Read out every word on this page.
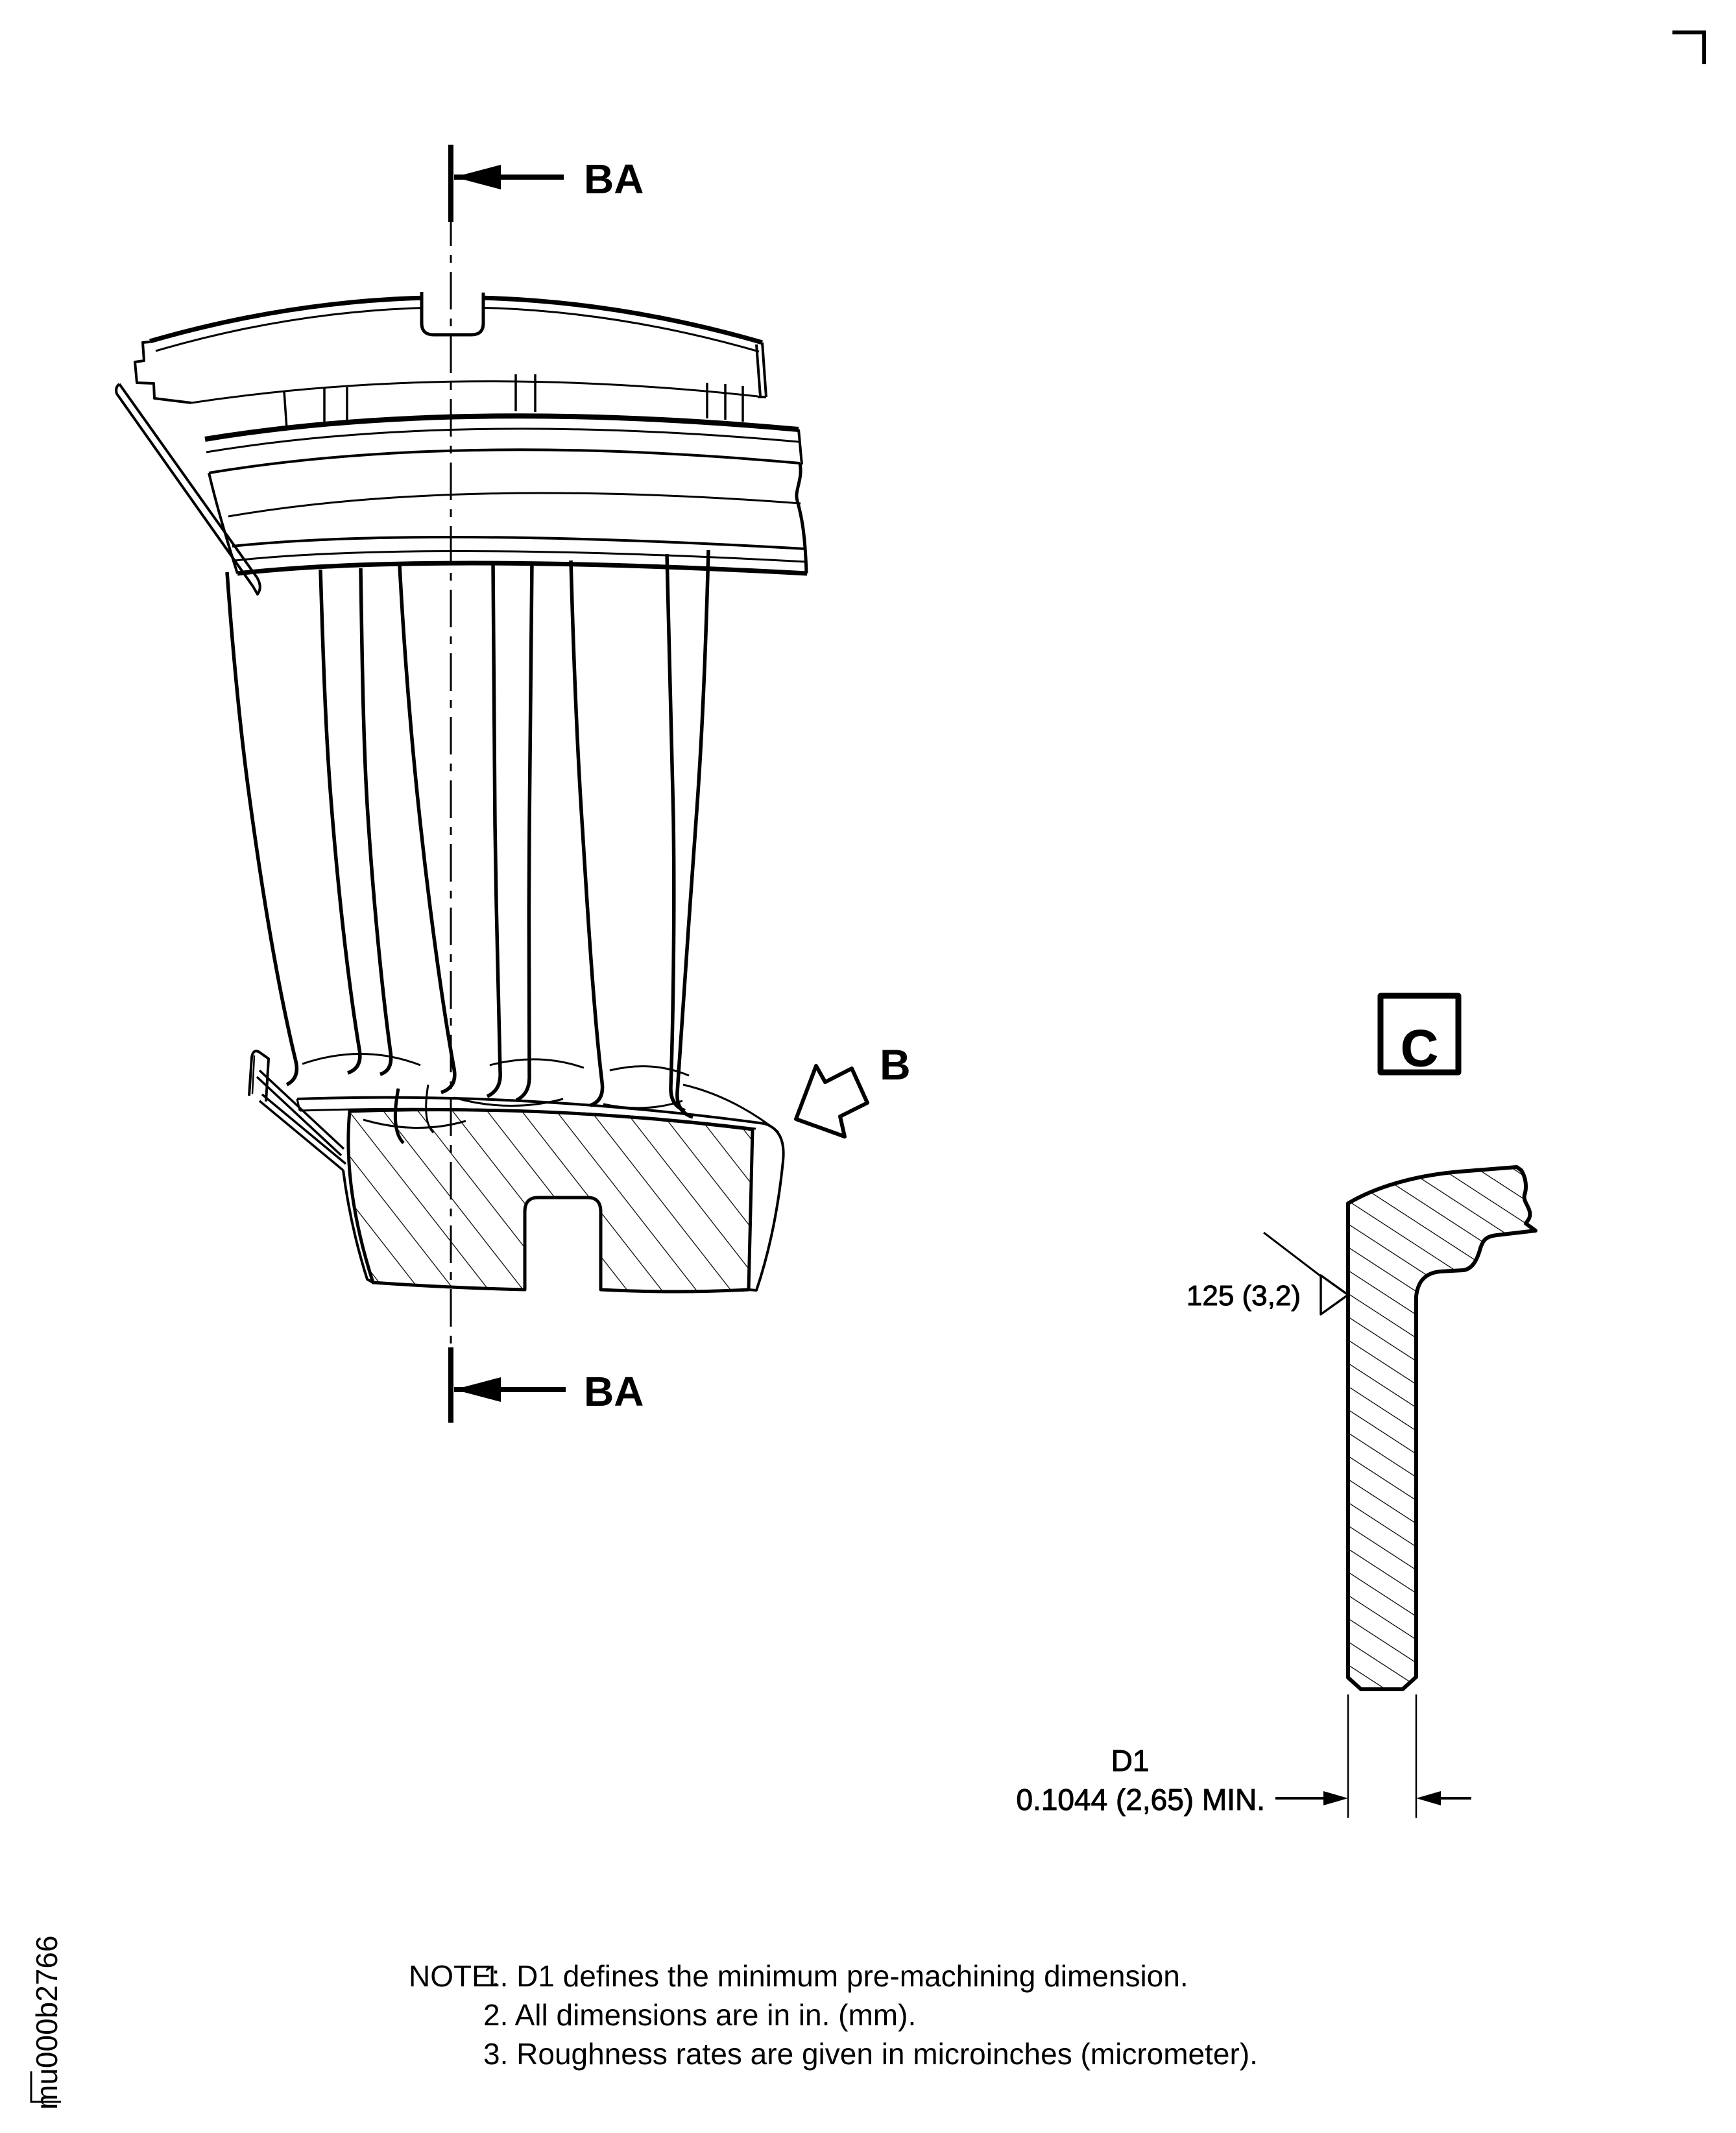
BA
BA
B	C
125 (3,2)
D1
0.1044 (2,65) MIN.
NOTE:
1. D1 defines the minimum pre-machining dimension.
2. All dimensions are in in. (mm).
3. Roughness rates are given in microinches (micrometer).
mu000b2766
